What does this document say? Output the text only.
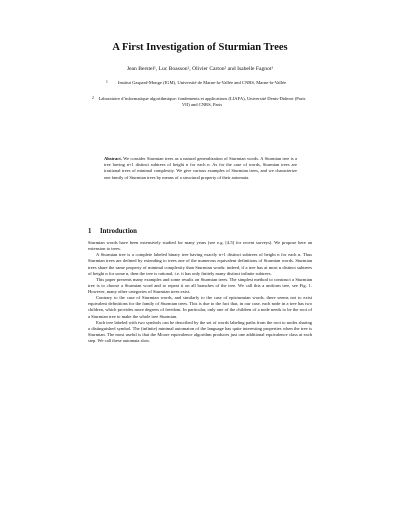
A First Investigation of Sturmian Trees
Jean Berstel¹, Luc Boasson², Olivier Carton² and Isabelle Fagnot¹
1 Institut Gaspard-Monge (IGM), Université de Marne-la-Vallée and CNRS, Marne-la-Vallée
2 Laboratoire d’informatique algorithmique: fondements et applications (LIAFA), Université Denis-Diderot (Paris VII) and CNRS, Paris
Abstract. We consider Sturmian trees as a natural generalization of Sturmian words. A Sturmian tree is a tree having n+1 distinct subtrees of height n for each n. As for the case of words, Sturmian trees are irrational trees of minimal complexity. We give various examples of Sturmian trees, and we characterize one family of Sturmian trees by means of a structural property of their automata.
1 Introduction

Sturmian words have been extensively studied for many years (see e.g. [4,5] for recent surveys). We propose here an extension to trees.

A Sturmian tree is a complete labeled binary tree having exactly n+1 distinct subtrees of height n for each n. Thus Sturmian trees are defined by extending to trees one of the numerous equivalent definitions of Sturmian words. Sturmian trees share the same property of minimal complexity than Sturmian words: indeed, if a tree has at most n distinct subtrees of height n for some n, then the tree is rational, i.e. it has only finitely many distinct infinite subtrees.

This paper presents many examples and some results on Sturmian trees. The simplest method to construct a Sturmian tree is to choose a Sturmian word and to repeat it on all branches of the tree. We call this a uniform tree, see Fig. 1. However, many other categories of Sturmian trees exist.

Contrary to the case of Sturmian words, and similarly to the case of episturmian words, there seems not to exist equivalent definitions for the family of Sturmian trees. This is due to the fact that, in our case, each node in a tree has two children, which provides more degrees of freedom. In particular, only one of the children of a node needs to be the root of a Sturmian tree to make the whole tree Sturmian.

Each tree labeled with two symbols can be described by the set of words labeling paths from the root to nodes sharing a distinguished symbol. The (infinite) minimal automaton of the language has quite interesting properties when the tree is Sturmian. The most useful is that the Moore equivalence algorithm produces just one additional equivalence class at each step. We call these automata slow.
